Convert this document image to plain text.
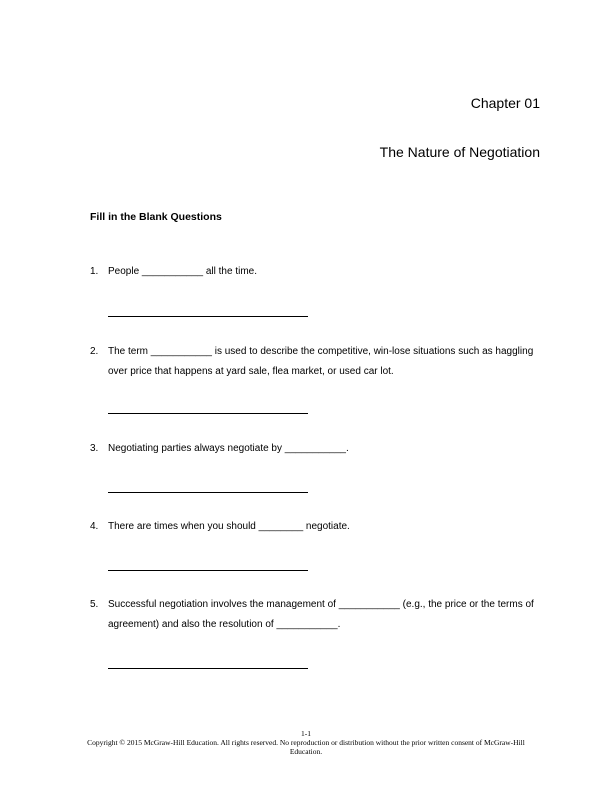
Chapter 01
The Nature of Negotiation
Fill in the Blank Questions
1. People ___________ all the time.
2. The term ___________ is used to describe the competitive, win-lose situations such as haggling over price that happens at yard sale, flea market, or used car lot.
3. Negotiating parties always negotiate by ___________.
4. There are times when you should ________ negotiate.
5. Successful negotiation involves the management of ___________ (e.g., the price or the terms of agreement) and also the resolution of ___________.
1-1
Copyright © 2015 McGraw-Hill Education. All rights reserved. No reproduction or distribution without the prior written consent of McGraw-Hill Education.
